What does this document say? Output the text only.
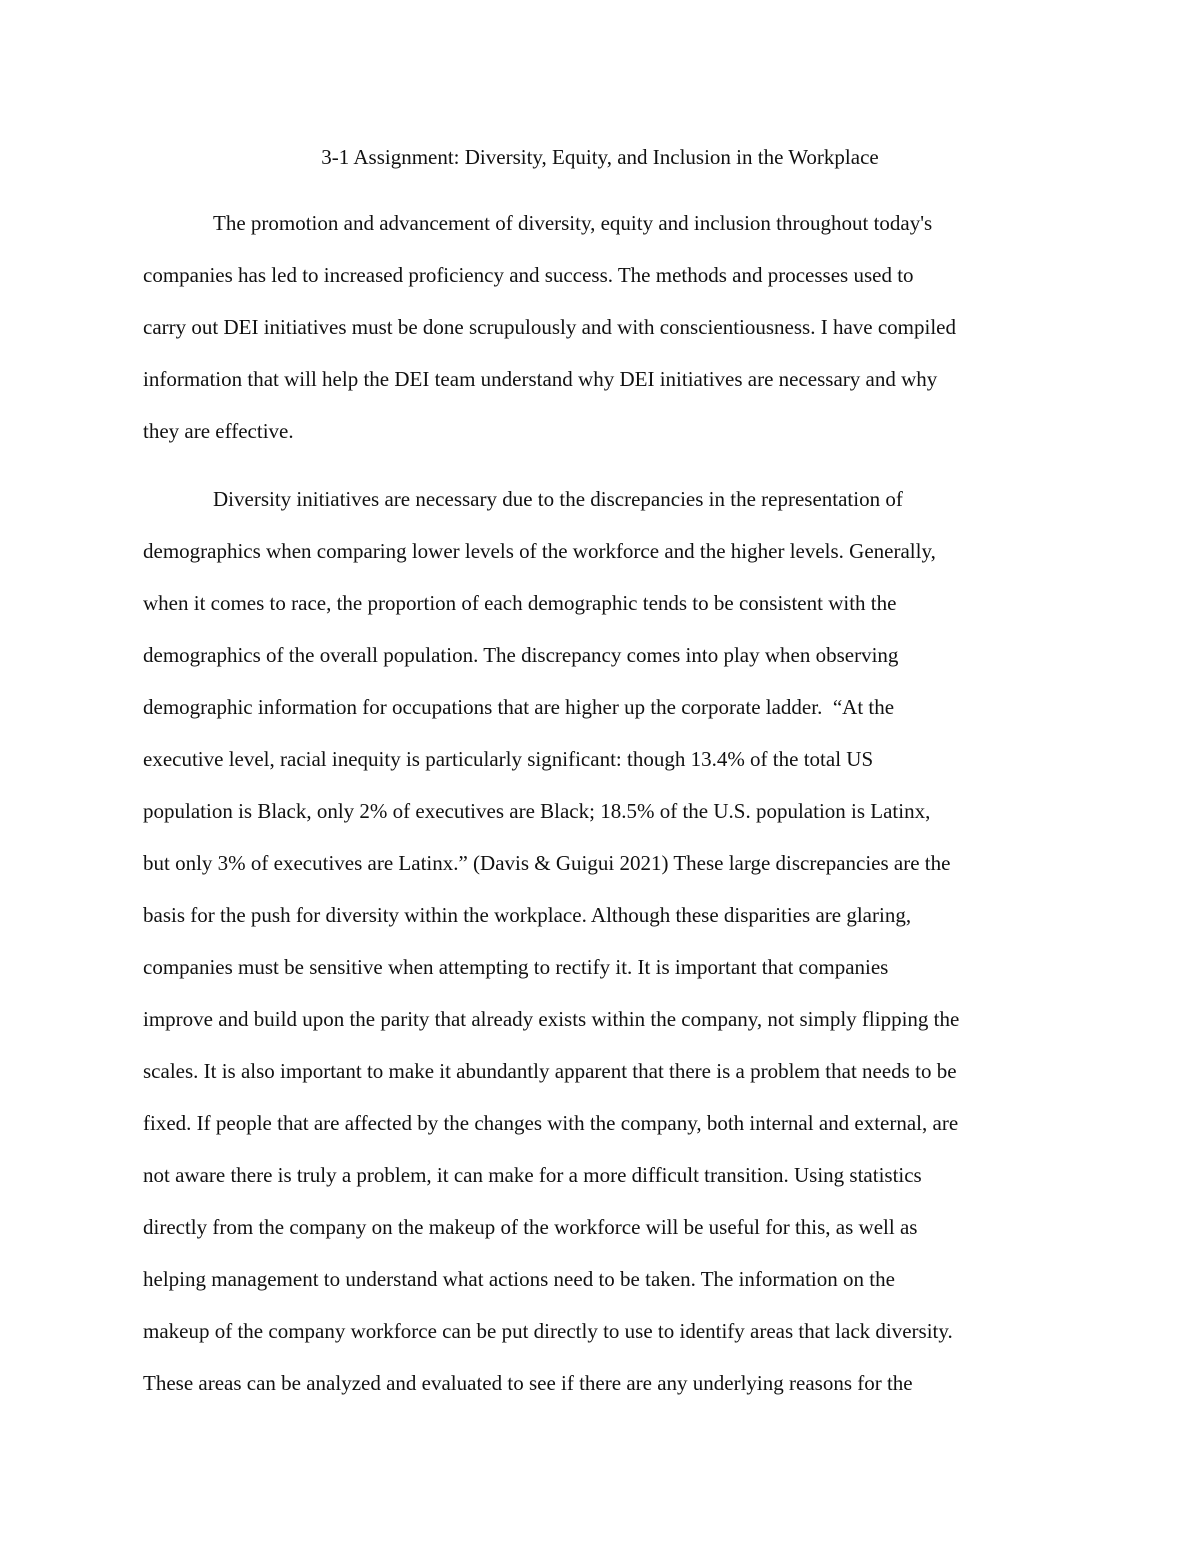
3-1 Assignment: Diversity, Equity, and Inclusion in the Workplace

The promotion and advancement of diversity, equity and inclusion throughout today's

companies has led to increased proficiency and success. The methods and processes used to

carry out DEI initiatives must be done scrupulously and with conscientiousness. I have compiled

information that will help the DEI team understand why DEI initiatives are necessary and why

they are effective.

Diversity initiatives are necessary due to the discrepancies in the representation of

demographics when comparing lower levels of the workforce and the higher levels. Generally,

when it comes to race, the proportion of each demographic tends to be consistent with the

demographics of the overall population. The discrepancy comes into play when observing

demographic information for occupations that are higher up the corporate ladder.  “At the

executive level, racial inequity is particularly significant: though 13.4% of the total US

population is Black, only 2% of executives are Black; 18.5% of the U.S. population is Latinx,

but only 3% of executives are Latinx.” (Davis & Guigui 2021) These large discrepancies are the

basis for the push for diversity within the workplace. Although these disparities are glaring,

companies must be sensitive when attempting to rectify it. It is important that companies

improve and build upon the parity that already exists within the company, not simply flipping the

scales. It is also important to make it abundantly apparent that there is a problem that needs to be

fixed. If people that are affected by the changes with the company, both internal and external, are

not aware there is truly a problem, it can make for a more difficult transition. Using statistics

directly from the company on the makeup of the workforce will be useful for this, as well as

helping management to understand what actions need to be taken. The information on the

makeup of the company workforce can be put directly to use to identify areas that lack diversity.

These areas can be analyzed and evaluated to see if there are any underlying reasons for the
